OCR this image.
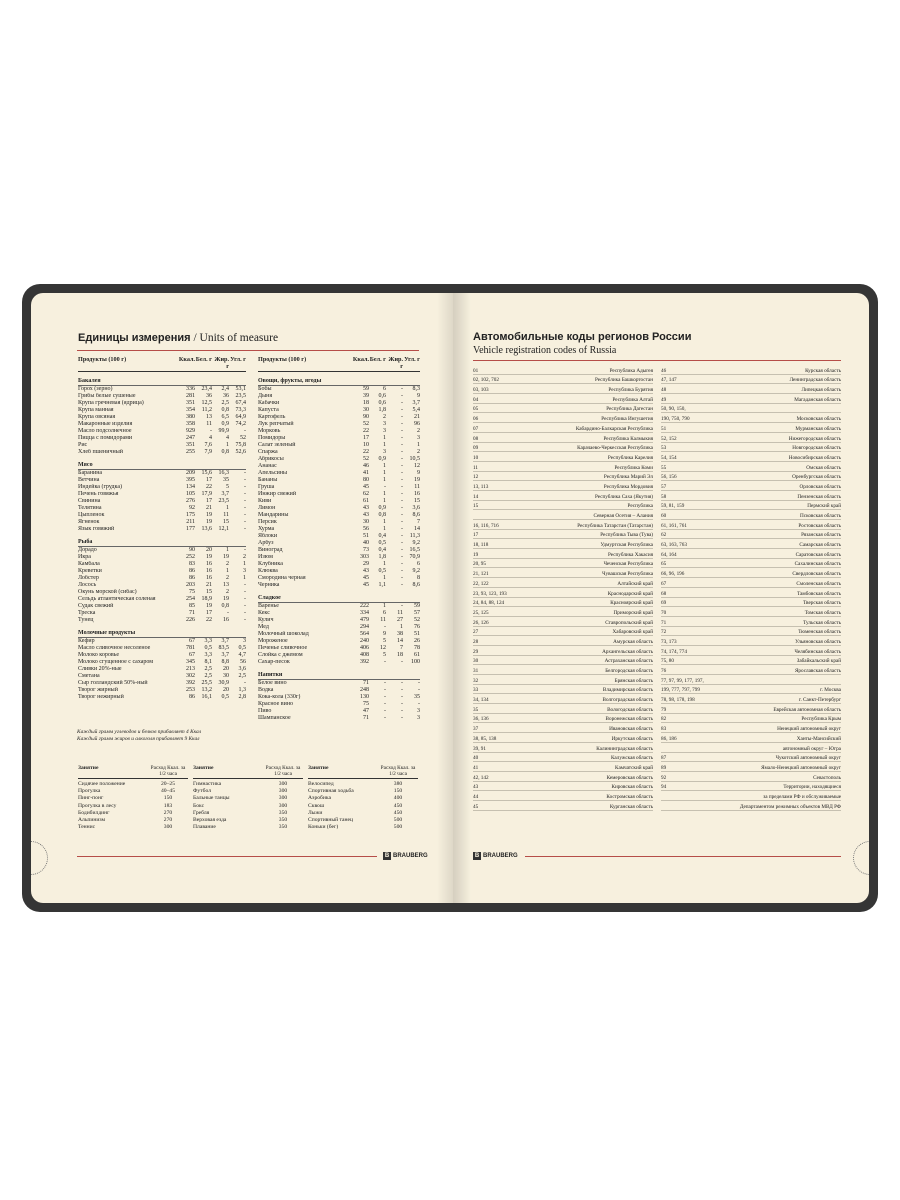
Единицы измерения / Units of measure
Продукты (100 г)	Ккал. Бел. г Жир. г
Угл. г
Бакалея
Горох (зерно)	336	23,4	2,4	53,1
Грибы белые сушеные	281	36	36	23,5
Крупа гречневая (ядрица)	351	12,5	2,5	67,4
Крупа манная	354	11,2	0,8	73,3
Крупа овсяная	380	13	6,5	64,9
Макаронные изделия	358	11	0,9	74,2
Масло подсолнечное	929	-	99,9	-
Пицца с помидорами	247	4	4	52
Рис	351	7,6	1	75,8
Хлеб пшеничный	255	7,9	0,8	52,6
Мясо
Баранина	209	15,6	16,3	-
Ветчина	395	17	35	-
Индейка (грудка)	134	22	5	-
Печень говяжья	105	17,9	3,7	-
Свинина	276	17	23,5	-
Телятина	92	21	1	-
Цыпленок	175	19	11	-
Ягненок	211	19	15	-
Язык говяжий	177	13,6	12,1	-
Рыба
Дорадо	90	20	1	-
Икра	252	19	19	2
Камбала	83	16	2	1
Креветки	86	16	1	3
Лобстер	86	16	2	1
Лосось	203	21	13	-
Окунь морской (сибас)	75	15	2	-
Сельдь атлантическая соленая	254	18,9	19	-
Судак свежий	85	19	0,8	-
Треска	71	17	-	-
Тунец	226	22	16	-
Молочные продукты
Кефир	67	3,3	3,7	3
Масло сливочное несоленое	781	0,5	83,5	0,5
Молоко коровье	67	3,3	3,7	4,7
Молоко сгущенное с сахаром	345	8,1	8,8	56
Сливки 20%-ные	213	2,5	20	3,6
Сметана	302	2,5	30	2,5
Сыр голландский 50%-ный	392	25,5	30,9	-
Творог жирный	253	13,2	20	1,3
Творог нежирный	86	16,1	0,5	2,8
Продукты (100 г)	Ккал. Бел. г Жир. г
Угл. г
Овощи, фрукты, ягоды
Бобы	59	6	-	8,3
Дыня	39	0,6	-	9
Кабачки	18	0,6	-	3,7
Капуста	30	1,8	-	5,4
Картофель	90	2	-	21
Лук репчатый	52	3	-	96
Морковь	22	3	-	2
Помидоры	17	1	-	3
Салат зеленый	10	1	-	1
Спаржа	22	3	-	2
Абрикосы	52	0,9	-	10,5
Ананас	46	1	-	12
Апельсины	41	1	-	9
Бананы	80	1	-	19
Груша	45	-	-	11
Инжир свежий	62	1	-	16
Киви	61	1	-	15
Лимон	43	0,9	-	3,6
Мандарины	43	0,8	-	8,6
Персик	30	1	-	7
Хурма	56	1	-	14
Яблоки	51	0,4	-	11,3
Арбуз	40	0,5	-	9,2
Виноград	73	0,4	-	16,5
Изюм	303	1,8	-	70,9
Клубника	29	1	-	6
Клюква	43	0,5	-	9,2
Смородина черная	45	1	-	8
Черника	45	1,1	-	8,6
Сладкое
Варенье	222	1	-	59
Кекс	334	6	11	57
Кулич	479	11	27	52
Мед	294	-	1	76
Молочный шоколад	564	9	38	51
Мороженое	240	5	14	26
Печенье сливочное	406	12	7	78
Слойка с джемом	408	5	18	61
Сахар-песок	392	-	-	100
Напитки
Белое вино	71	-	-	-
Водка	248	-	-	-
Кока-кола (330г)	130	-	-	35
Красное вино	75	-	-	-
Пиво	47	-	-	3
Шампанское	71	-	-	3
Каждый грамм углеводов и белков прибавляет 4 Ккал
Каждый грамм жиров и алкоголя прибавляет 9 Ккал
Занятие	Расход Ккал. за 1/2 часа
Сидячее положение	20–25
Прогулка	40–45
Пинг-понг	150
Прогулка в лесу	183
Бодибилдинг	270
Альпинизм	270
Теннис	300
Занятие	Расход Ккал. за 1/2 часа
Гимнастика	300
Футбол	300
Бальные танцы	300
Бокс	300
Гребля	350
Верховая езда	350
Плавание	350
Занятие	Расход Ккал. за 1/2 часа
Велосипед	380
Спортивная ходьба	150
Аэробика	400
Сквош	450
Лыжи	450
Спортивный танец	500
Коньки (бег)	500
B BRAUBERG
Автомобильные коды регионов России
Vehicle registration codes of Russia
01	Республика Адыгея
02, 102, 702	Республика Башкортостан
03, 103	Республика Бурятия
04	Республика Алтай
05	Республика Дагестан
06	Республика Ингушетия
07	Кабардино-Балкарская Республика
08	Республика Калмыкия
09	Карачаево-Черкесская Республика
10	Республика Карелия
11	Республика Коми
12	Республика Марий Эл
13, 113	Республика Мордовия
14	Республика Саха (Якутия)
15	Республика
Северная Осетия – Алания
16, 116, 716	Республика Татарстан (Татарстан)
17	Республика Тыва (Тува)
18, 118	Удмуртская Республика
19	Республика Хакасия
20, 95	Чеченская Республика
21, 121	Чувашская Республика
22, 122	Алтайский край
23, 93, 123, 193	Краснодарский край
24, 84, 88, 124	Красноярский край
25, 125	Приморский край
26, 126	Ставропольский край
27	Хабаровский край
28	Амурская область
29	Архангельская область
30	Астраханская область
31	Белгородская область
32	Брянская область
33	Владимирская область
34, 134	Волгоградская область
35	Вологодская область
36, 136	Воронежская область
37	Ивановская область
38, 85, 138	Иркутская область
39, 91	Калининградская область
40	Калужская область
41	Камчатский край
42, 142	Кемеровская область
43	Кировская область
44	Костромская область
45	Курганская область
46	Курская область
47, 147	Ленинградская область
48	Липецкая область
49	Магаданская область
50, 90, 150,
190, 750, 790	Московская область
51	Мурманская область
52, 152	Нижегородская область
53	Новгородская область
54, 154	Новосибирская область
55	Омская область
56, 156	Оренбургская область
57	Орловская область
58	Пензенская область
59, 81, 159	Пермский край
60	Псковская область
61, 161, 761	Ростовская область
62	Рязанская область
63, 163, 763	Самарская область
64, 164	Саратовская область
65	Сахалинская область
66, 96, 196	Свердловская область
67	Смоленская область
68	Тамбовская область
69	Тверская область
70	Томская область
71	Тульская область
72	Тюменская область
73, 173	Ульяновская область
74, 174, 774	Челябинская область
75, 80	Забайкальский край
76	Ярославская область
77, 97, 99, 177, 197,
199, 777, 797, 799	г. Москва
78, 98, 178, 198	г. Санкт-Петербург
79	Еврейская автономная область
82	Республика Крым
83	Ненецкий автономный округ
86, 186	Ханты-Мансийский
автономный округ – Югра
87	Чукотский автономный округ
89	Ямало-Ненецкий автономный округ
92	Севастополь
94	Территории, находящиеся
за пределами РФ и обслуживаемые
Департаментом режимных объектов МВД РФ
B BRAUBERG
